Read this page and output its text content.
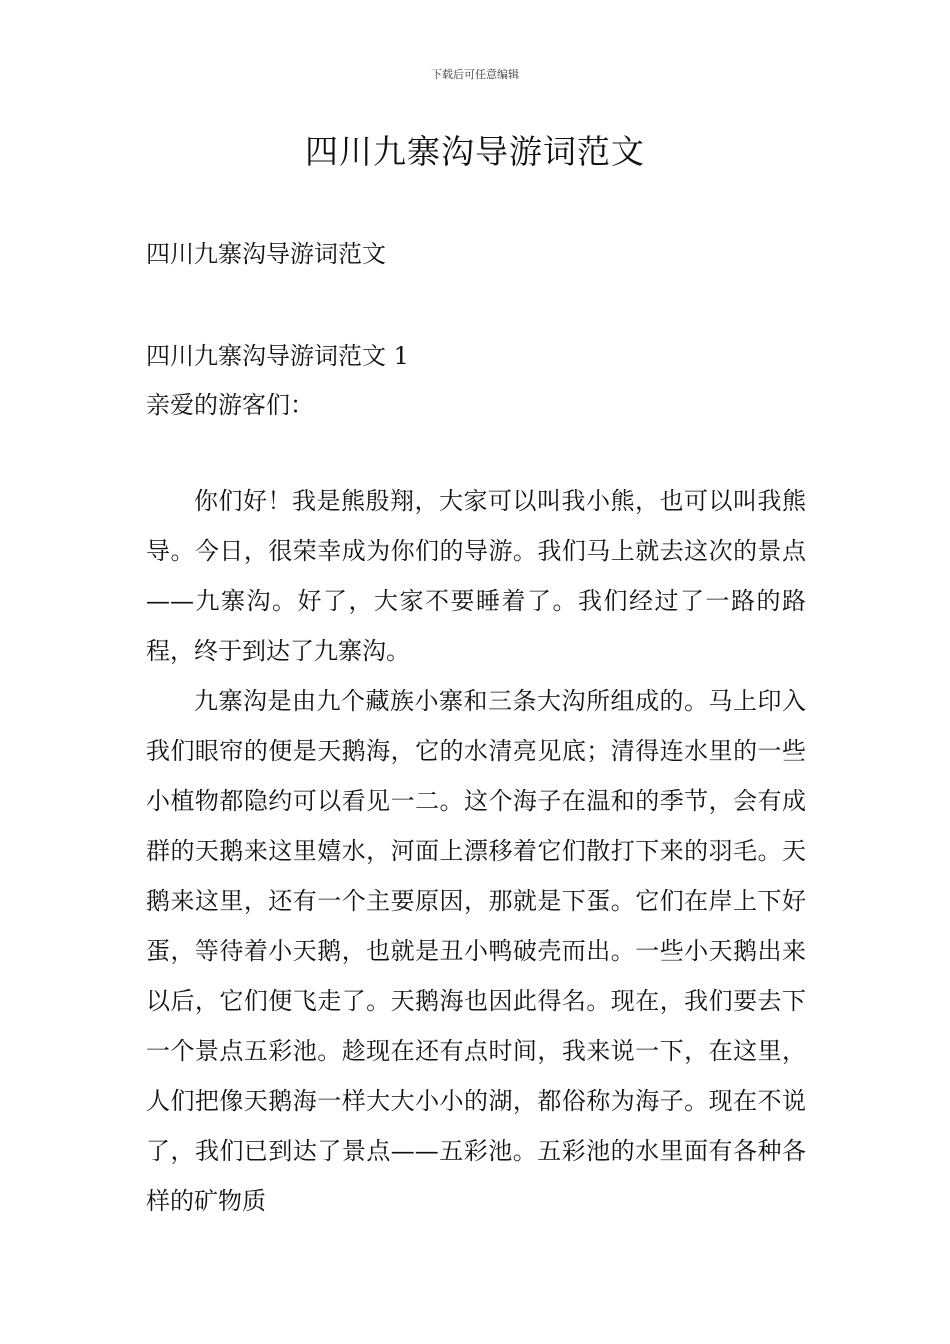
下载后可任意编辑
四川九寨沟导游词范文
四川九寨沟导游词范文
四川九寨沟导游词范文 1
亲爱的游客们：

你们好！我是熊殷翔，大家可以叫我小熊，也可以叫我熊导。今日，很荣幸成为你们的导游。我们马上就去这次的景点——九寨沟。好了，大家不要睡着了。我们经过了一路的路程，终于到达了九寨沟。

九寨沟是由九个藏族小寨和三条大沟所组成的。马上印入我们眼帘的便是天鹅海，它的水清亮见底；清得连水里的一些小植物都隐约可以看见一二。这个海子在温和的季节，会有成群的天鹅来这里嬉水，河面上漂移着它们散打下来的羽毛。天鹅来这里，还有一个主要原因，那就是下蛋。它们在岸上下好蛋，等待着小天鹅，也就是丑小鸭破壳而出。一些小天鹅出来以后，它们便飞走了。天鹅海也因此得名。现在，我们要去下一个景点五彩池。趁现在还有点时间，我来说一下，在这里，人们把像天鹅海一样大大小小的湖，都俗称为海子。现在不说了，我们已到达了景点——五彩池。五彩池的水里面有各种各样的矿物质
